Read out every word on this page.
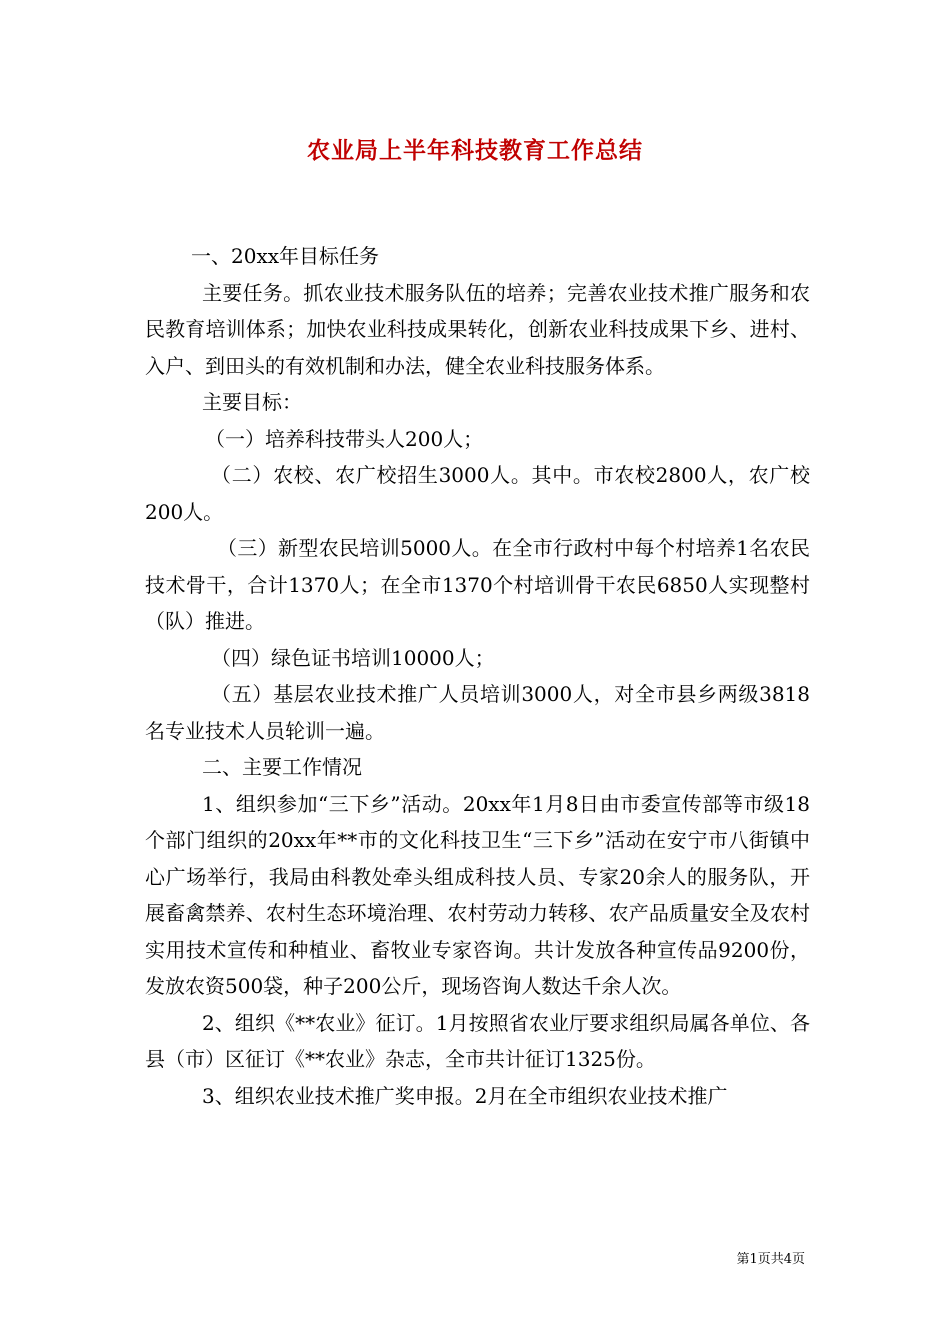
农业局上半年科技教育工作总结

一、20xx年目标任务

主要任务。抓农业技术服务队伍的培养；完善农业技术推广服务和农民教育培训体系；加快农业科技成果转化，创新农业科技成果下乡、进村、入户、到田头的有效机制和办法，健全农业科技服务体系。

主要目标：

（一）培养科技带头人200人；

（二）农校、农广校招生3000人。其中。市农校2800人，农广校200人。

（三）新型农民培训5000人。在全市行政村中每个村培养1名农民技术骨干，合计1370人；在全市1370个村培训骨干农民6850人实现整村（队）推进。

（四）绿色证书培训10000人；

（五）基层农业技术推广人员培训3000人，对全市县乡两级3818名专业技术人员轮训一遍。

二、主要工作情况

1、组织参加“三下乡”活动。20xx年1月8日由市委宣传部等市级18个部门组织的20xx年**市的文化科技卫生“三下乡”活动在安宁市八街镇中心广场举行，我局由科教处牵头组成科技人员、专家20余人的服务队，开展畜禽禁养、农村生态环境治理、农村劳动力转移、农产品质量安全及农村实用技术宣传和种植业、畜牧业专家咨询。共计发放各种宣传品9200份，发放农资500袋，种子200公斤，现场咨询人数达千余人次。

2、组织《**农业》征订。1月按照省农业厅要求组织局属各单位、各县（市）区征订《**农业》杂志，全市共计征订1325份。

3、组织农业技术推广奖申报。2月在全市组织农业技术推广

第1页共4页
